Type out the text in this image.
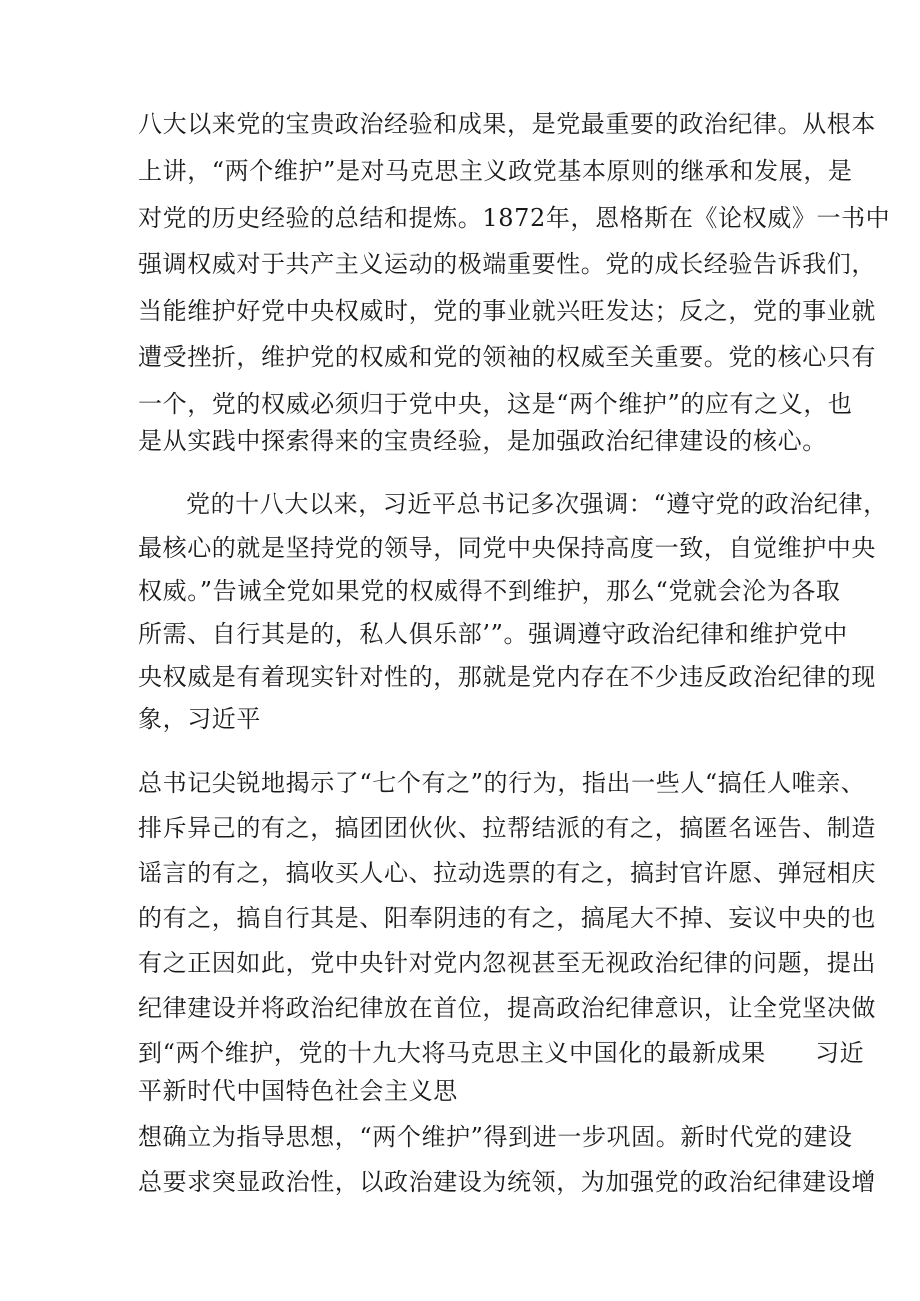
八大以来党的宝贵政治经验和成果，是党最重要的政治纪律。从根本
上讲，“两个维护”是对马克思主义政党基本原则的继承和发展，是
对党的历史经验的总结和提炼。1872年，恩格斯在《论权威》一书中
强调权威对于共产主义运动的极端重要性。党的成长经验告诉我们，
当能维护好党中央权威时，党的事业就兴旺发达；反之，党的事业就
遭受挫折，维护党的权威和党的领袖的权威至关重要。党的核心只有
一个，党的权威必须归于党中央，这是“两个维护”的应有之义，也
是从实践中探索得来的宝贵经验，是加强政治纪律建设的核心。
党的十八大以来，习近平总书记多次强调：“遵守党的政治纪律，
最核心的就是坚持党的领导，同党中央保持高度一致，自觉维护中央
权威。”告诫全党如果党的权威得不到维护，那么“党就会沦为各取
所需、自行其是的，私人俱乐部’”。强调遵守政治纪律和维护党中
央权威是有着现实针对性的，那就是党内存在不少违反政治纪律的现
象，习近平
总书记尖锐地揭示了“七个有之”的行为，指出一些人“搞任人唯亲、
排斥异己的有之，搞团团伙伙、拉帮结派的有之，搞匿名诬告、制造
谣言的有之，搞收买人心、拉动选票的有之，搞封官许愿、弹冠相庆
的有之，搞自行其是、阳奉阴违的有之，搞尾大不掉、妄议中央的也
有之正因如此，党中央针对党内忽视甚至无视政治纪律的问题，提出
纪律建设并将政治纪律放在首位，提高政治纪律意识，让全党坚决做
到“两个维护，党的十九大将马克思主义中国化的最新成果　　习近
平新时代中国特色社会主义思
想确立为指导思想，“两个维护”得到进一步巩固。新时代党的建设
总要求突显政治性，以政治建设为统领，为加强党的政治纪律建设增
